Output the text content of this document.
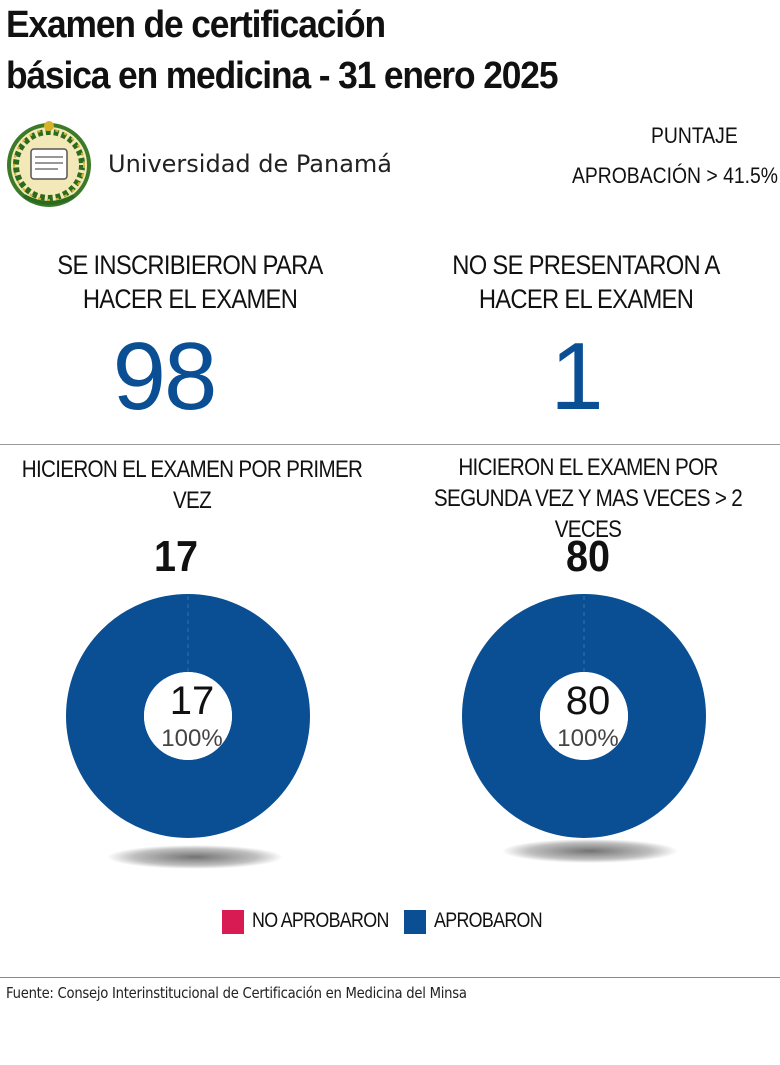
Examen de certificación
básica en medicina - 31 enero 2025
Universidad de Panamá
PUNTAJE
APROBACIÓN > 41.5%
SE INSCRIBIERON PARA HACER EL EXAMEN
98
NO SE PRESENTARON A HACER EL EXAMEN
1
HICIERON EL EXAMEN POR PRIMER VEZ
HICIERON EL EXAMEN POR SEGUNDA VEZ Y MAS VECES > 2 VECES
17	80
17
100%
80
100%
NO APROBARON APROBARON
Fuente: Consejo Interinstitucional de Certificación en Medicina del Minsa
